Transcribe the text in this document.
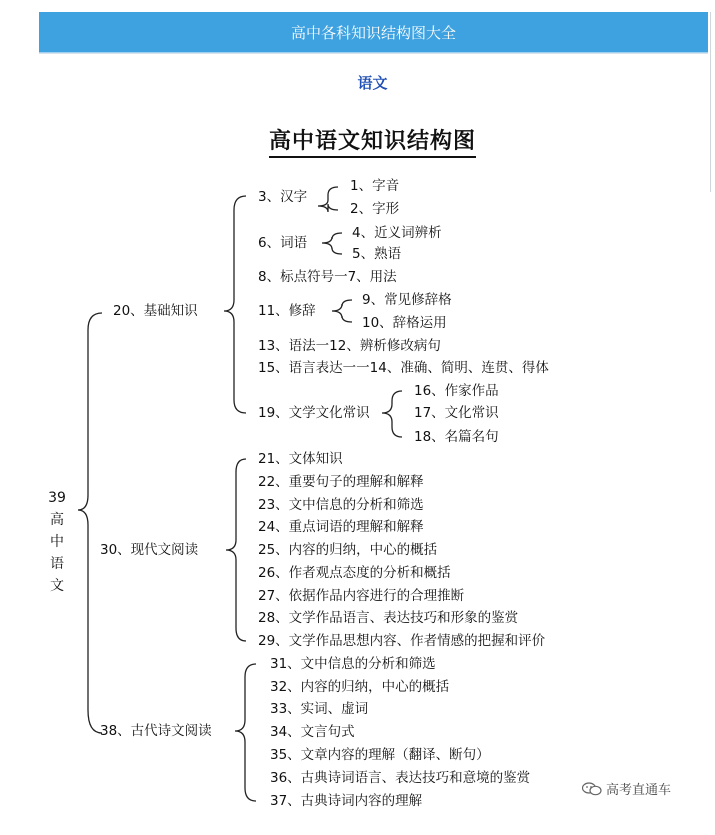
高中各科知识结构图大全
语文
高中语文知识结构图
39
高
中
语
文
20、基础知识
30、现代文阅读
38、古代诗文阅读
3、汉字
1、字音
2、字形
6、词语
4、近义词辨析
5、熟语
8、标点符号一7、用法
11、修辞
9、常见修辞格
10、辞格运用
13、语法一12、辨析修改病句
15、语言表达一一14、准确、简明、连贯、得体
19、文学文化常识
16、作家作品
17、文化常识
18、名篇名句
21、文体知识
22、重要句子的理解和解释
23、文中信息的分析和筛选
24、重点词语的理解和解释
25、内容的归纳，中心的概括
26、作者观点态度的分析和概括
27、依据作品内容进行的合理推断
28、文学作品语言、表达技巧和形象的鉴赏
29、文学作品思想内容、作者情感的把握和评价
31、文中信息的分析和筛选
32、内容的归纳，中心的概括
33、实词、虚词
34、文言句式
35、文章内容的理解（翻译、断句）
36、古典诗词语言、表达技巧和意境的鉴赏
37、古典诗词内容的理解
高考直通车
